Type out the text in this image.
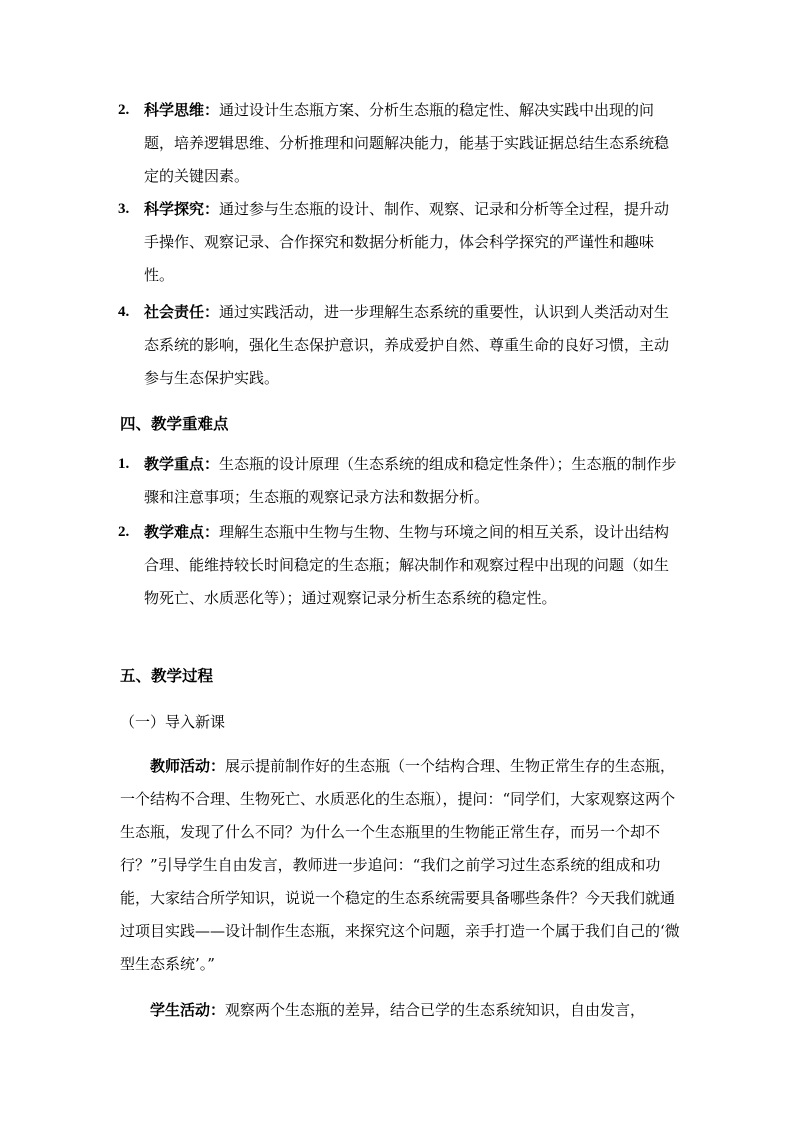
2. 科学思维：通过设计生态瓶方案、分析生态瓶的稳定性、解决实践中出现的问题，培养逻辑思维、分析推理和问题解决能力，能基于实践证据总结生态系统稳定的关键因素。
3. 科学探究：通过参与生态瓶的设计、制作、观察、记录和分析等全过程，提升动手操作、观察记录、合作探究和数据分析能力，体会科学探究的严谨性和趣味性。
4. 社会责任：通过实践活动，进一步理解生态系统的重要性，认识到人类活动对生态系统的影响，强化生态保护意识，养成爱护自然、尊重生命的良好习惯，主动参与生态保护实践。
四、教学重难点
1. 教学重点：生态瓶的设计原理（生态系统的组成和稳定性条件）；生态瓶的制作步骤和注意事项；生态瓶的观察记录方法和数据分析。
2. 教学难点：理解生态瓶中生物与生物、生物与环境之间的相互关系，设计出结构合理、能维持较长时间稳定的生态瓶；解决制作和观察过程中出现的问题（如生物死亡、水质恶化等）；通过观察记录分析生态系统的稳定性。
五、教学过程
（一）导入新课
教师活动：展示提前制作好的生态瓶（一个结构合理、生物正常生存的生态瓶，一个结构不合理、生物死亡、水质恶化的生态瓶），提问：“同学们，大家观察这两个生态瓶，发现了什么不同？为什么一个生态瓶里的生物能正常生存，而另一个却不行？”引导学生自由发言，教师进一步追问：“我们之前学习过生态系统的组成和功能，大家结合所学知识，说说一个稳定的生态系统需要具备哪些条件？今天我们就通过项目实践——设计制作生态瓶，来探究这个问题，亲手打造一个属于我们自己的‘微型生态系统’。”
学生活动：观察两个生态瓶的差异，结合已学的生态系统知识，自由发言，
